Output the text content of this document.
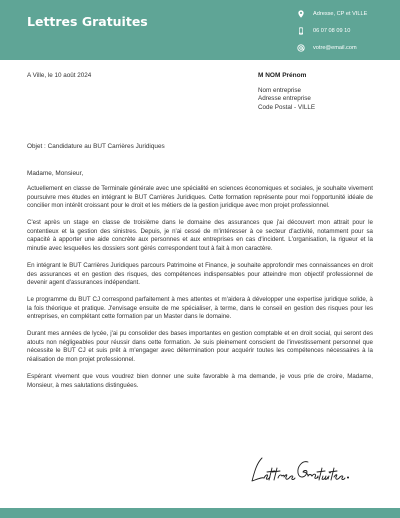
Lettres Gratuites	Adresse, CP et VILLE
06 07 08 09 10
votre@email.com
A Ville, le 10 août 2024	M NOM Prénom
Nom entreprise
Adresse entreprise
Code Postal - VILLE
Objet : Candidature au BUT Carrières Juridiques
Madame, Monsieur,

Actuellement en classe de Terminale générale avec une spécialité en sciences économiques et sociales, je souhaite vivement poursuivre mes études en intégrant le BUT Carrières Juridiques. Cette formation représente pour moi l'opportunité idéale de concilier mon intérêt croissant pour le droit et les métiers de la gestion juridique avec mon projet professionnel.

C'est après un stage en classe de troisième dans le domaine des assurances que j'ai découvert mon attrait pour le contentieux et la gestion des sinistres. Depuis, je n'ai cessé de m'intéresser à ce secteur d'activité, notamment pour sa capacité à apporter une aide concrète aux personnes et aux entreprises en cas d'incident. L'organisation, la rigueur et la minutie avec lesquelles les dossiers sont gérés correspondent tout à fait à mon caractère.

En intégrant le BUT Carrières Juridiques parcours Patrimoine et Finance, je souhaite approfondir mes connaissances en droit des assurances et en gestion des risques, des compétences indispensables pour atteindre mon objectif professionnel de devenir agent d'assurances indépendant.

Le programme du BUT CJ correspond parfaitement à mes attentes et m'aidera à développer une expertise juridique solide, à la fois théorique et pratique. J'envisage ensuite de me spécialiser, à terme, dans le conseil en gestion des risques pour les entreprises, en complétant cette formation par un Master dans le domaine.

Durant mes années de lycée, j'ai pu consolider des bases importantes en gestion comptable et en droit social, qui seront des atouts non négligeables pour réussir dans cette formation. Je suis pleinement conscient de l'investissement personnel que nécessite le BUT CJ et suis prêt à m'engager avec détermination pour acquérir toutes les compétences nécessaires à la réalisation de mon projet professionnel.

Espérant vivement que vous voudrez bien donner une suite favorable à ma demande, je vous prie de croire, Madame, Monsieur, à mes salutations distinguées.
